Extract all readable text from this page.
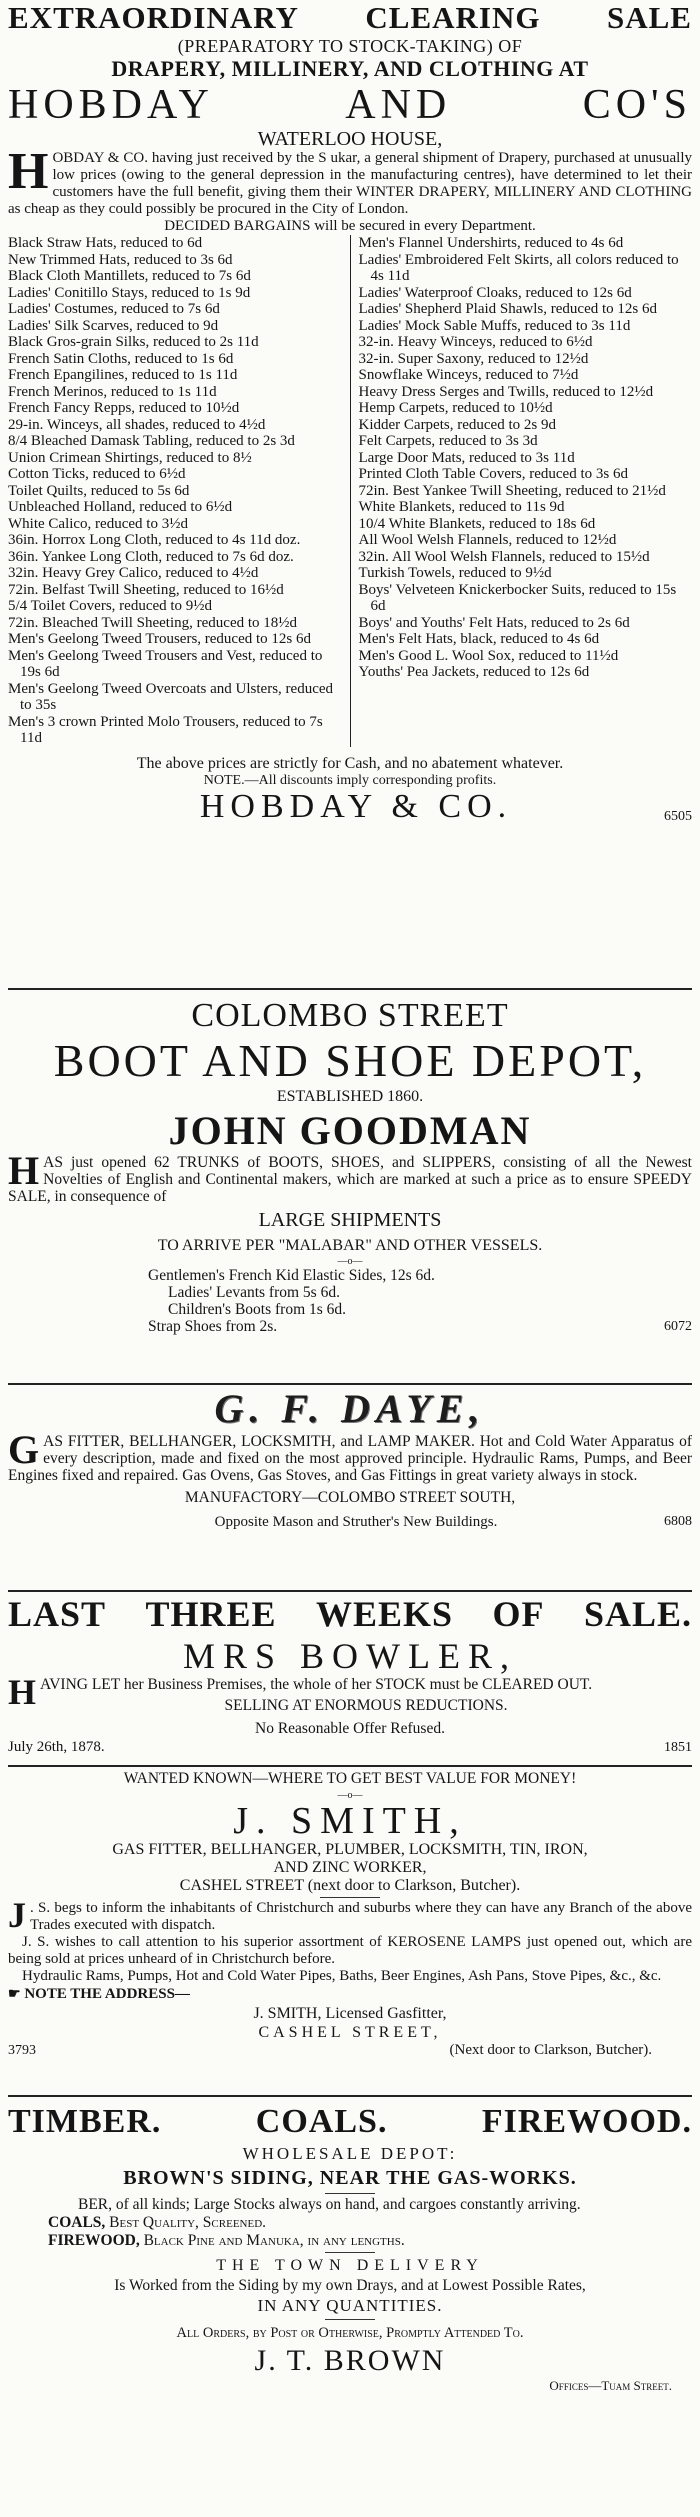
EXTRAORDINARY CLEARING SALE
(PREPARATORY TO STOCK-TAKING) OF
DRAPERY, MILLINERY, AND CLOTHING AT
HOBDAY	AND	CO'S
WATERLOO HOUSE,

HOBDAY & CO. having just received by the S ukar, a general shipment of Drapery, purchased at unusually low prices (owing to the general depression in the manufacturing centres), have determined to let their customers have the full benefit, giving them their WINTER DRAPERY, MILLINERY AND CLOTHING as cheap as they could possibly be procured in the City of London.

DECIDED BARGAINS will be secured in every Department.
Black Straw Hats, reduced to 6d
New Trimmed Hats, reduced to 3s 6d
Black Cloth Mantillets, reduced to 7s 6d
Ladies' Conitillo Stays, reduced to 1s 9d
Ladies' Costumes, reduced to 7s 6d
Ladies' Silk Scarves, reduced to 9d
Black Gros-grain Silks, reduced to 2s 11d
French Satin Cloths, reduced to 1s 6d
French Epangilines, reduced to 1s 11d
French Merinos, reduced to 1s 11d
French Fancy Repps, reduced to 10½d
29-in. Winceys, all shades, reduced to 4½d
8/4 Bleached Damask Tabling, reduced to 2s 3d
Union Crimean Shirtings, reduced to 8½
Cotton Ticks, reduced to 6½d
Toilet Quilts, reduced to 5s 6d
Unbleached Holland, reduced to 6½d
White Calico, reduced to 3½d
36in. Horrox Long Cloth, reduced to 4s 11d doz.
36in. Yankee Long Cloth, reduced to 7s 6d doz.
32in. Heavy Grey Calico, reduced to 4½d
72in. Belfast Twill Sheeting, reduced to 16½d
5/4 Toilet Covers, reduced to 9½d
72in. Bleached Twill Sheeting, reduced to 18½d
Men's Geelong Tweed Trousers, reduced to 12s 6d
Men's Geelong Tweed Trousers and Vest, reduced to 19s 6d
Men's Geelong Tweed Overcoats and Ulsters, reduced to 35s
Men's 3 crown Printed Molo Trousers, reduced to 7s 11d
Men's Flannel Undershirts, reduced to 4s 6d
Ladies' Embroidered Felt Skirts, all colors reduced to 4s 11d
Ladies' Waterproof Cloaks, reduced to 12s 6d
Ladies' Shepherd Plaid Shawls, reduced to 12s 6d
Ladies' Mock Sable Muffs, reduced to 3s 11d
32-in. Heavy Winceys, reduced to 6½d
32-in. Super Saxony, reduced to 12½d
Snowflake Winceys, reduced to 7½d
Heavy Dress Serges and Twills, reduced to 12½d
Hemp Carpets, reduced to 10½d
Kidder Carpets, reduced to 2s 9d
Felt Carpets, reduced to 3s 3d
Large Door Mats, reduced to 3s 11d
Printed Cloth Table Covers, reduced to 3s 6d
72in. Best Yankee Twill Sheeting, reduced to 21½d
White Blankets, reduced to 11s 9d
10/4 White Blankets, reduced to 18s 6d
All Wool Welsh Flannels, reduced to 12½d
32in. All Wool Welsh Flannels, reduced to 15½d
Turkish Towels, reduced to 9½d
Boys' Velveteen Knickerbocker Suits, reduced to 15s 6d
Boys' and Youths' Felt Hats, reduced to 2s 6d
Men's Felt Hats, black, reduced to 4s 6d
Men's Good L. Wool Sox, reduced to 11½d
Youths' Pea Jackets, reduced to 12s 6d
The above prices are strictly for Cash, and no abatement whatever.
NOTE.—All discounts imply corresponding profits.
HOBDAY & CO.	6505
COLOMBO STREET
BOOT AND SHOE DEPOT,
ESTABLISHED 1860.
JOHN GOODMAN

HAS just opened 62 TRUNKS of BOOTS, SHOES, and SLIPPERS, consisting of all the Newest Novelties of English and Continental makers, which are marked at such a price as to ensure SPEEDY SALE, in consequence of

LARGE SHIPMENTS
TO ARRIVE PER "MALABAR" AND OTHER VESSELS.
—o—
Gentlemen's French Kid Elastic Sides, 12s 6d.
Ladies' Levants from 5s 6d.
Children's Boots from 1s 6d.
Strap Shoes from 2s.	6072
G. F. DAYE,

GAS FITTER, BELLHANGER, LOCKSMITH, and LAMP MAKER. Hot and Cold Water Apparatus of every description, made and fixed on the most approved principle. Hydraulic Rams, Pumps, and Beer Engines fixed and repaired. Gas Ovens, Gas Stoves, and Gas Fittings in great variety always in stock.

MANUFACTORY—COLOMBO STREET SOUTH,
Opposite Mason and Struther's New Buildings.	6808
LAST THREE WEEKS OF SALE.
MRS BOWLER,

HAVING LET her Business Premises, the whole of her STOCK must be CLEARED OUT.

SELLING AT ENORMOUS REDUCTIONS.
No Reasonable Offer Refused.
July 26th, 1878.	1851
WANTED KNOWN—WHERE TO GET BEST VALUE FOR MONEY!
—o—
J. SMITH,
GAS FITTER, BELLHANGER, PLUMBER, LOCKSMITH, TIN, IRON,
AND ZINC WORKER,
CASHEL STREET (next door to Clarkson, Butcher).

J . S. begs to inform the inhabitants of Christchurch and suburbs where they can have any Branch of the above Trades executed with dispatch.

J. S. wishes to call attention to his superior assortment of KEROSENE LAMPS just opened out, which are being sold at prices unheard of in Christchurch before.

Hydraulic Rams, Pumps, Hot and Cold Water Pipes, Baths, Beer Engines, Ash Pans, Stove Pipes, &c., &c.

☛ NOTE THE ADDRESS—
J. SMITH, Licensed Gasfitter,
CASHEL STREET,
3793	(Next door to Clarkson, Butcher).
TIMBER.	COALS.	FIREWOOD.
WHOLESALE DEPOT:
BROWN'S SIDING, NEAR THE GAS-WORKS.

BER, of all kinds; Large Stocks always on hand, and cargoes constantly arriving.

COALS, Best Quality, Screened.

FIREWOOD, Black Pine and Manuka, in any lengths.

THE TOWN DELIVERY
Is Worked from the Siding by my own Drays, and at Lowest Possible Rates,
IN ANY QUANTITIES.
All Orders, by Post or Otherwise, Promptly Attended To.
J. T. BROWN
Offices—Tuam Street.
